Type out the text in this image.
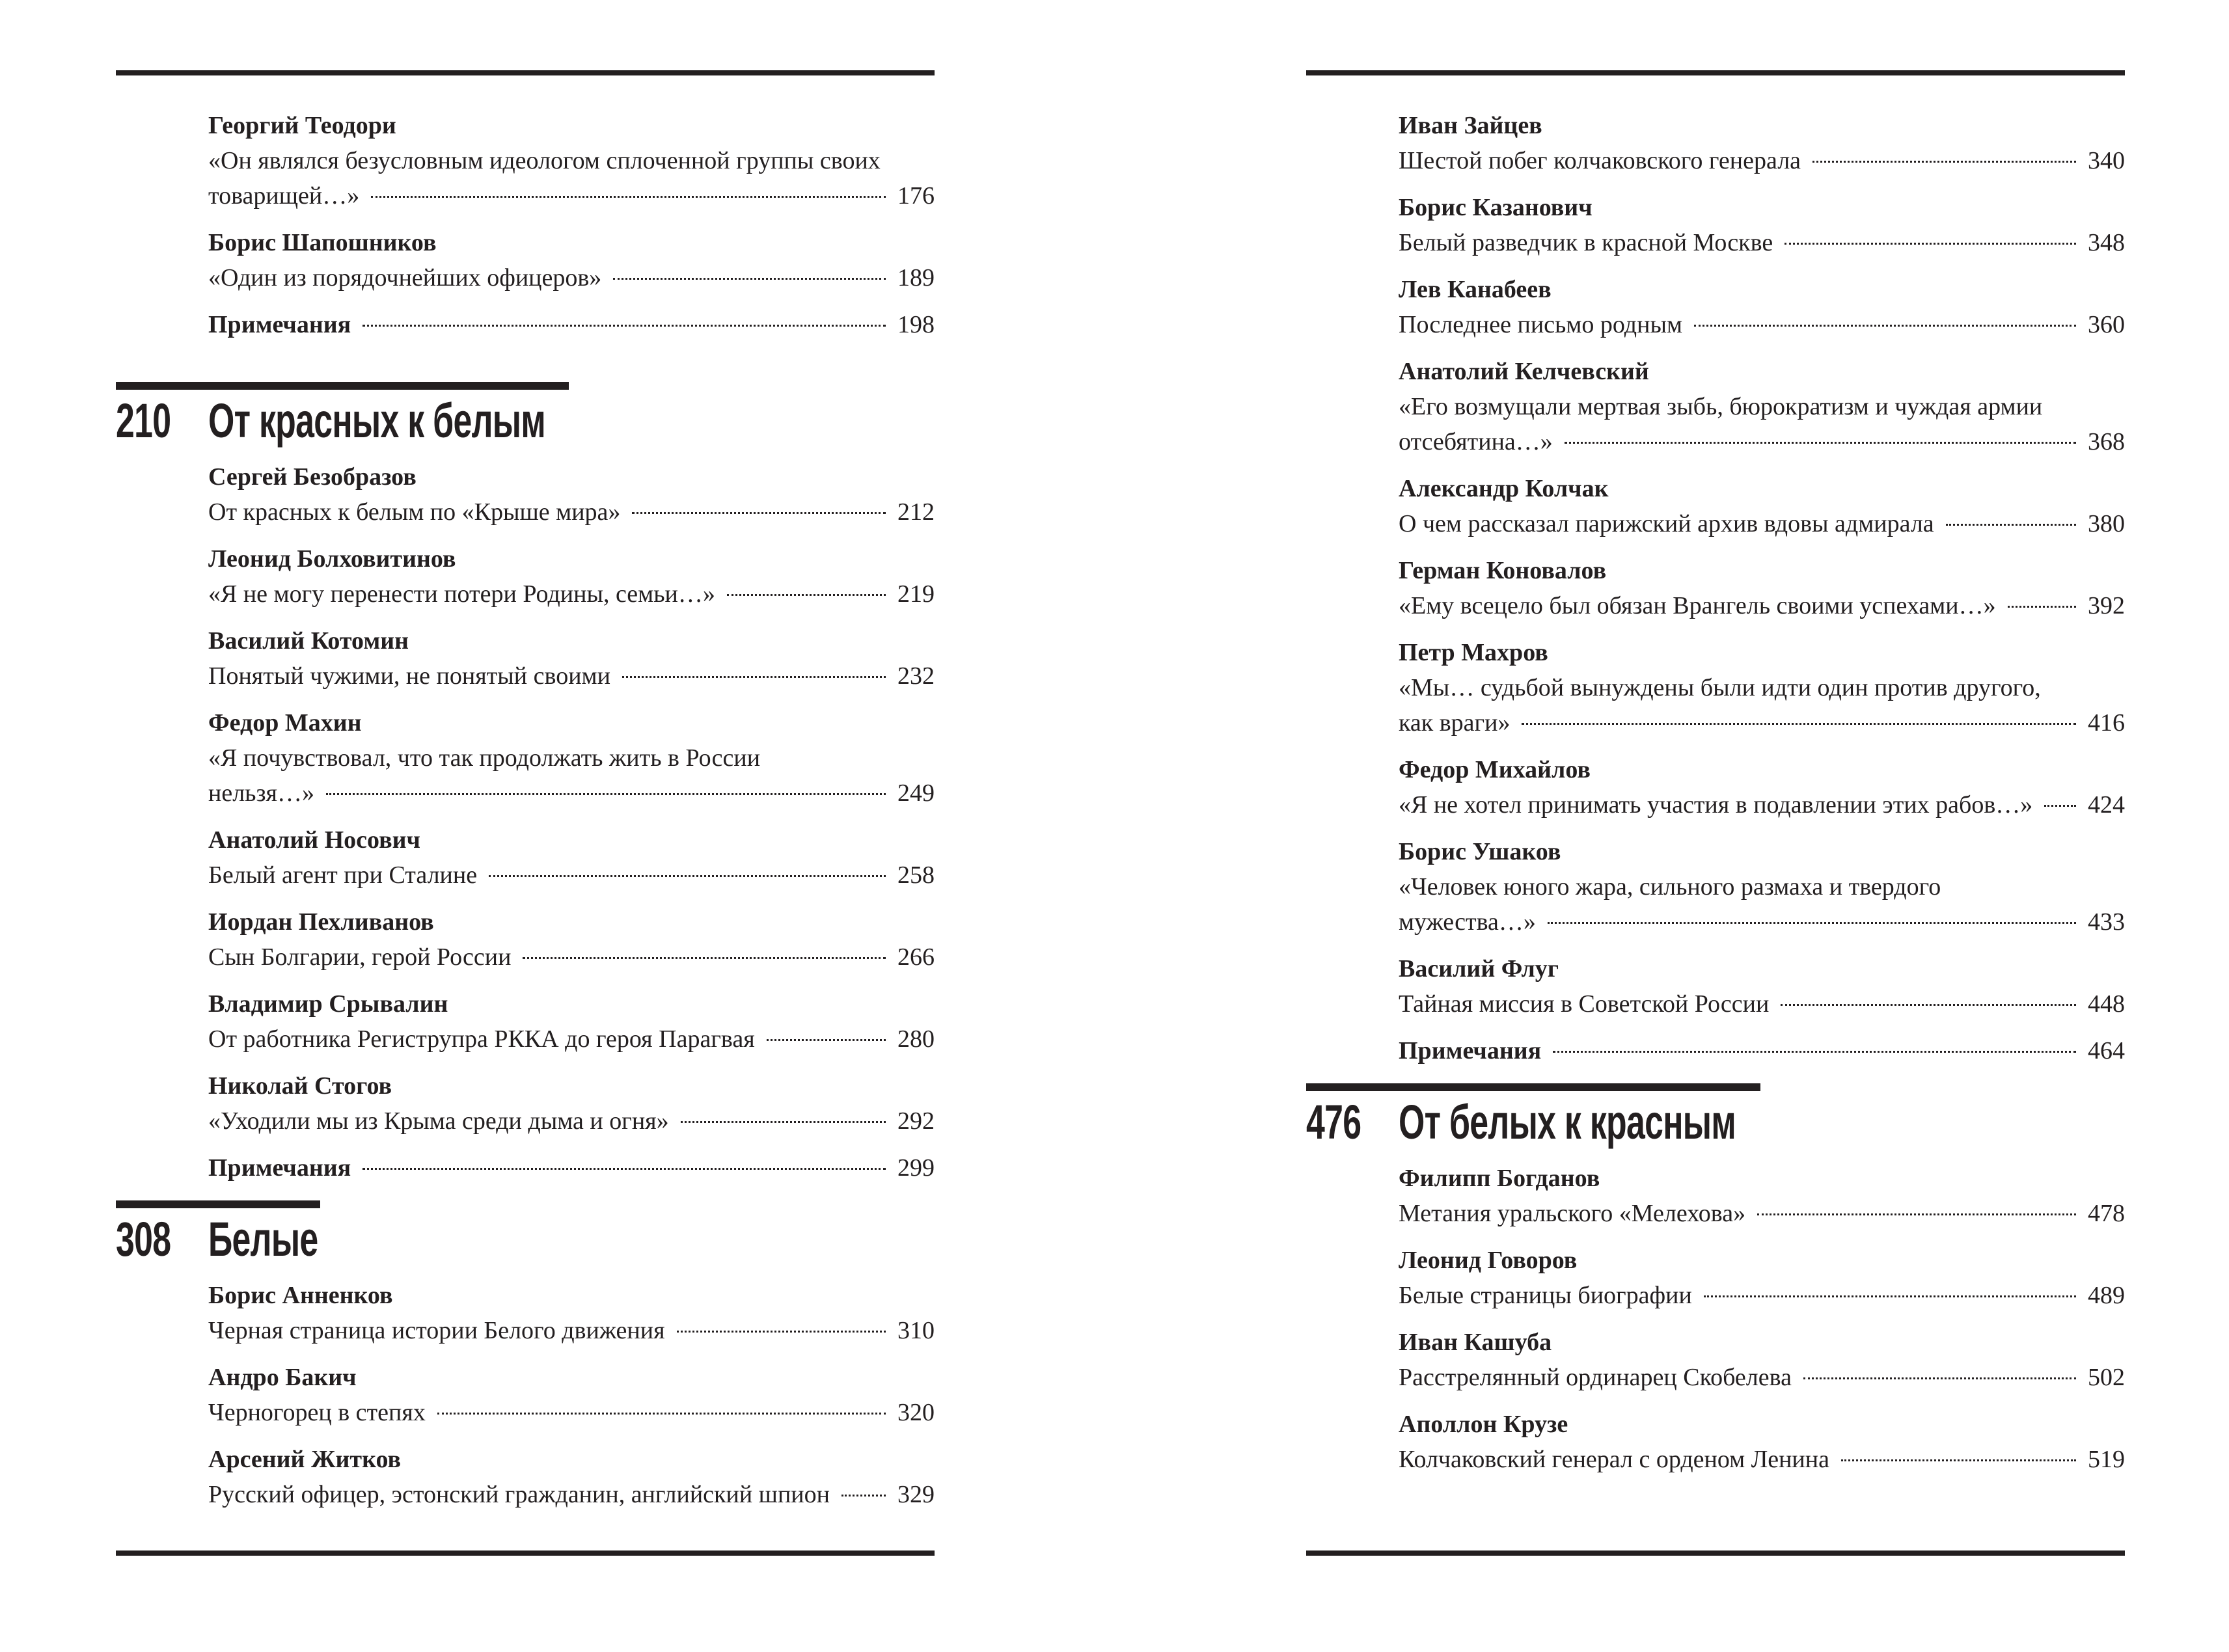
Георгий Теодори
«Он являлся безусловным идеологом сплоченной группы своих
товарищей…»	176
Борис Шапошников
«Один из порядочнейших офицеров»	189
Примечания	198
210 От красных к белым
Сергей Безобразов
От красных к белым по «Крыше мира»	212
Леонид Болховитинов
«Я не могу перенести потери Родины, семьи…»	219
Василий Котомин
Понятый чужими, не понятый своими	232
Федор Махин
«Я почувствовал, что так продолжать жить в России
нельзя…»	249
Анатолий Носович
Белый агент при Сталине	258
Иордан Пехливанов
Сын Болгарии, герой России	266
Владимир Срывалин
От работника Региструпра РККА до героя Парагвая	280
Николай Стогов
«Уходили мы из Крыма среди дыма и огня»	292
Примечания	299
308 Белые
Борис Анненков
Черная страница истории Белого движения	310
Андро Бакич
Черногорец в степях	320
Арсений Житков
Русский офицер, эстонский гражданин, английский шпион	329
Иван Зайцев
Шестой побег колчаковского генерала	340
Борис Казанович
Белый разведчик в красной Москве	348
Лев Канабеев
Последнее письмо родным	360
Анатолий Келчевский
«Его возмущали мертвая зыбь, бюрократизм и чуждая армии
отсебятина…»	368
Александр Колчак
О чем рассказал парижский архив вдовы адмирала	380
Герман Коновалов
«Ему всецело был обязан Врангель своими успехами…»	392
Петр Махров
«Мы… судьбой вынуждены были идти один против другого,
как враги»	416
Федор Михайлов
«Я не хотел принимать участия в подавлении этих рабов…» 424
Борис Ушаков
«Человек юного жара, сильного размаха и твердого
мужества…»	433
Василий Флуг
Тайная миссия в Советской России	448
Примечания	464
476 От белых к красным
Филипп Богданов
Метания уральского «Мелехова»	478
Леонид Говоров
Белые страницы биографии	489
Иван Кашуба
Расстрелянный ординарец Скобелева	502
Аполлон Крузе
Колчаковский генерал с орденом Ленина	519
